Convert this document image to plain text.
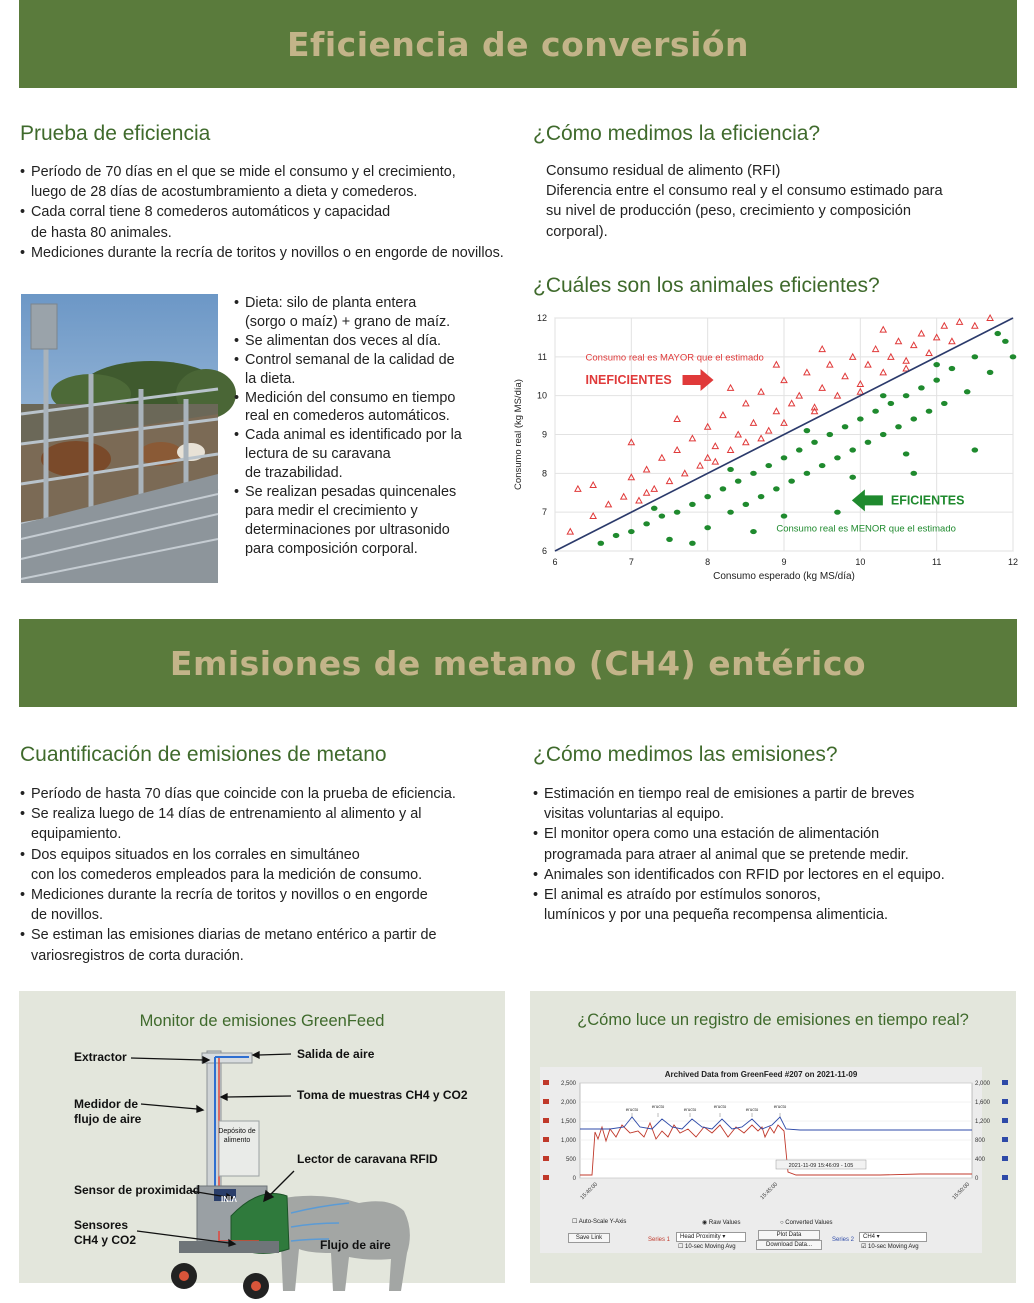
Eficiencia de conversión
Prueba de eficiencia
• Período de 70 días en el que se mide el consumo y el crecimiento,
luego de 28 días de acostumbramiento a dieta y comederos.
• Cada corral tiene 8 comederos automáticos y capacidad
de hasta 80 animales.
• Mediciones durante la recría de toritos y novillos o en engorde de novillos.
• Dieta: silo de planta entera
(sorgo o maíz) + grano de maíz.
• Se alimentan dos veces al día.
• Control semanal de la calidad de
la dieta.
• Medición del consumo en tiempo
real en comederos automáticos.
• Cada animal es identificado por la
lectura de su caravana
de trazabilidad.
• Se realizan pesadas quincenales
para medir el crecimiento y
determinaciones por ultrasonido
para composición corporal.
¿Cómo medimos la eficiencia?
Consumo residual de alimento (RFI)
Diferencia entre el consumo real y el consumo estimado para
su nivel de producción (peso, crecimiento y composición
corporal).
¿Cuáles son los animales eficientes?
6	7	8	9	10	11	12
6
7
8
9
10
11
12
Consumo esperado (kg MS/día)
Consumo real (kg MS/día)
Consumo real es MAYOR que el estimado
INEFICIENTES
EFICIENTES
Consumo real es MENOR que el estimado
Emisiones de metano (CH4) entérico
Cuantificación de emisiones de metano
• Período de hasta 70 días que coincide con la prueba de eficiencia.
• Se realiza luego de 14 días de entrenamiento al alimento y al
equipamiento.
• Dos equipos situados en los corrales en simultáneo
con los comederos empleados para la medición de consumo.
• Mediciones durante la recría de toritos y novillos o en engorde
de novillos.
• Se estiman las emisiones diarias de metano entérico a partir de
variosregistros de corta duración.
¿Cómo medimos las emisiones?
• Estimación en tiempo real de emisiones a partir de breves
visitas voluntarias al equipo.
• El monitor opera como una estación de alimentación
programada para atraer al animal que se pretende medir.
• Animales son identificados con RFID por lectores en el equipo.
• El animal es atraído por estímulos sonoros,
lumínicos y por una pequeña recompensa alimenticia.
Monitor de emisiones GreenFeed
Extractor
Medidor de
flujo de aire
Depósito de
alimento
INIA
Sensor de proximidad
Sensores
CH4 y CO2
Salida de aire
Toma de muestras CH4 y CO2
Lector de caravana RFID
Flujo de aire
¿Cómo luce un registro de emisiones en tiempo real?
Archived Data from GreenFeed #207 on 2021-11-09
2,500
2,000
1,500
1,000
500
0
2,000
1,600
1,200
800
400
0
15:40:00	15:45:00	15:50:00
eructo
eructo
eructo
eructo
eructo
eructo
2021-11-09 15:46:09 - 105
☐ Auto-Scale Y-Axis	◉ Raw Values	○ Converted Values
Save Link	Series 1	Head Proximity ▾
☐ 10-sec Moving Avg
Plot Data
Download Data...
Series 2	CH4 ▾
☑ 10-sec Moving Avg
